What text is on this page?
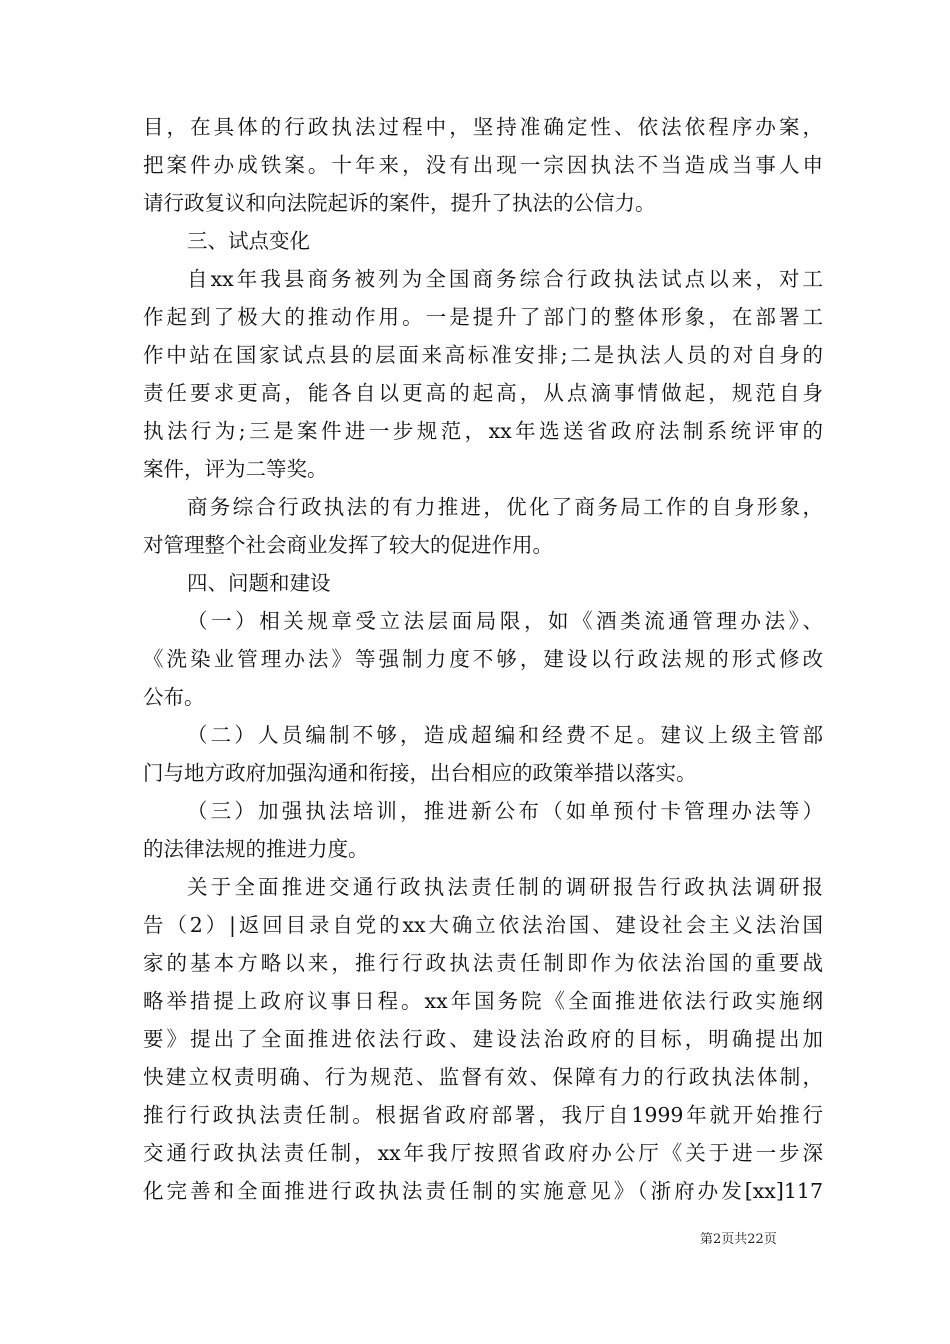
目，在具体的行政执法过程中，坚持准确定性、依法依程序办案，
把案件办成铁案。十年来，没有出现一宗因执法不当造成当事人申
请行政复议和向法院起诉的案件，提升了执法的公信力。
三、试点变化
自xx年我县商务被列为全国商务综合行政执法试点以来，对工
作起到了极大的推动作用。一是提升了部门的整体形象，在部署工
作中站在国家试点县的层面来高标准安排;二是执法人员的对自身的
责任要求更高，能各自以更高的起高，从点滴事情做起，规范自身
执法行为;三是案件进一步规范，xx年选送省政府法制系统评审的
案件，评为二等奖。
商务综合行政执法的有力推进，优化了商务局工作的自身形象，
对管理整个社会商业发挥了较大的促进作用。
四、问题和建设
（一）相关规章受立法层面局限，如《酒类流通管理办法》、
《洗染业管理办法》等强制力度不够，建设以行政法规的形式修改
公布。
（二）人员编制不够，造成超编和经费不足。建议上级主管部
门与地方政府加强沟通和衔接，出台相应的政策举措以落实。
（三）加强执法培训，推进新公布（如单预付卡管理办法等）
的法律法规的推进力度。
关于全面推进交通行政执法责任制的调研报告行政执法调研报
告（2）|返回目录自党的xx大确立依法治国、建设社会主义法治国
家的基本方略以来，推行行政执法责任制即作为依法治国的重要战
略举措提上政府议事日程。xx年国务院《全面推进依法行政实施纲
要》提出了全面推进依法行政、建设法治政府的目标，明确提出加
快建立权责明确、行为规范、监督有效、保障有力的行政执法体制，
推行行政执法责任制。根据省政府部署，我厅自1999年就开始推行
交通行政执法责任制，xx年我厅按照省政府办公厅《关于进一步深
化完善和全面推进行政执法责任制的实施意见》（浙府办发[xx]117
第2页共22页
